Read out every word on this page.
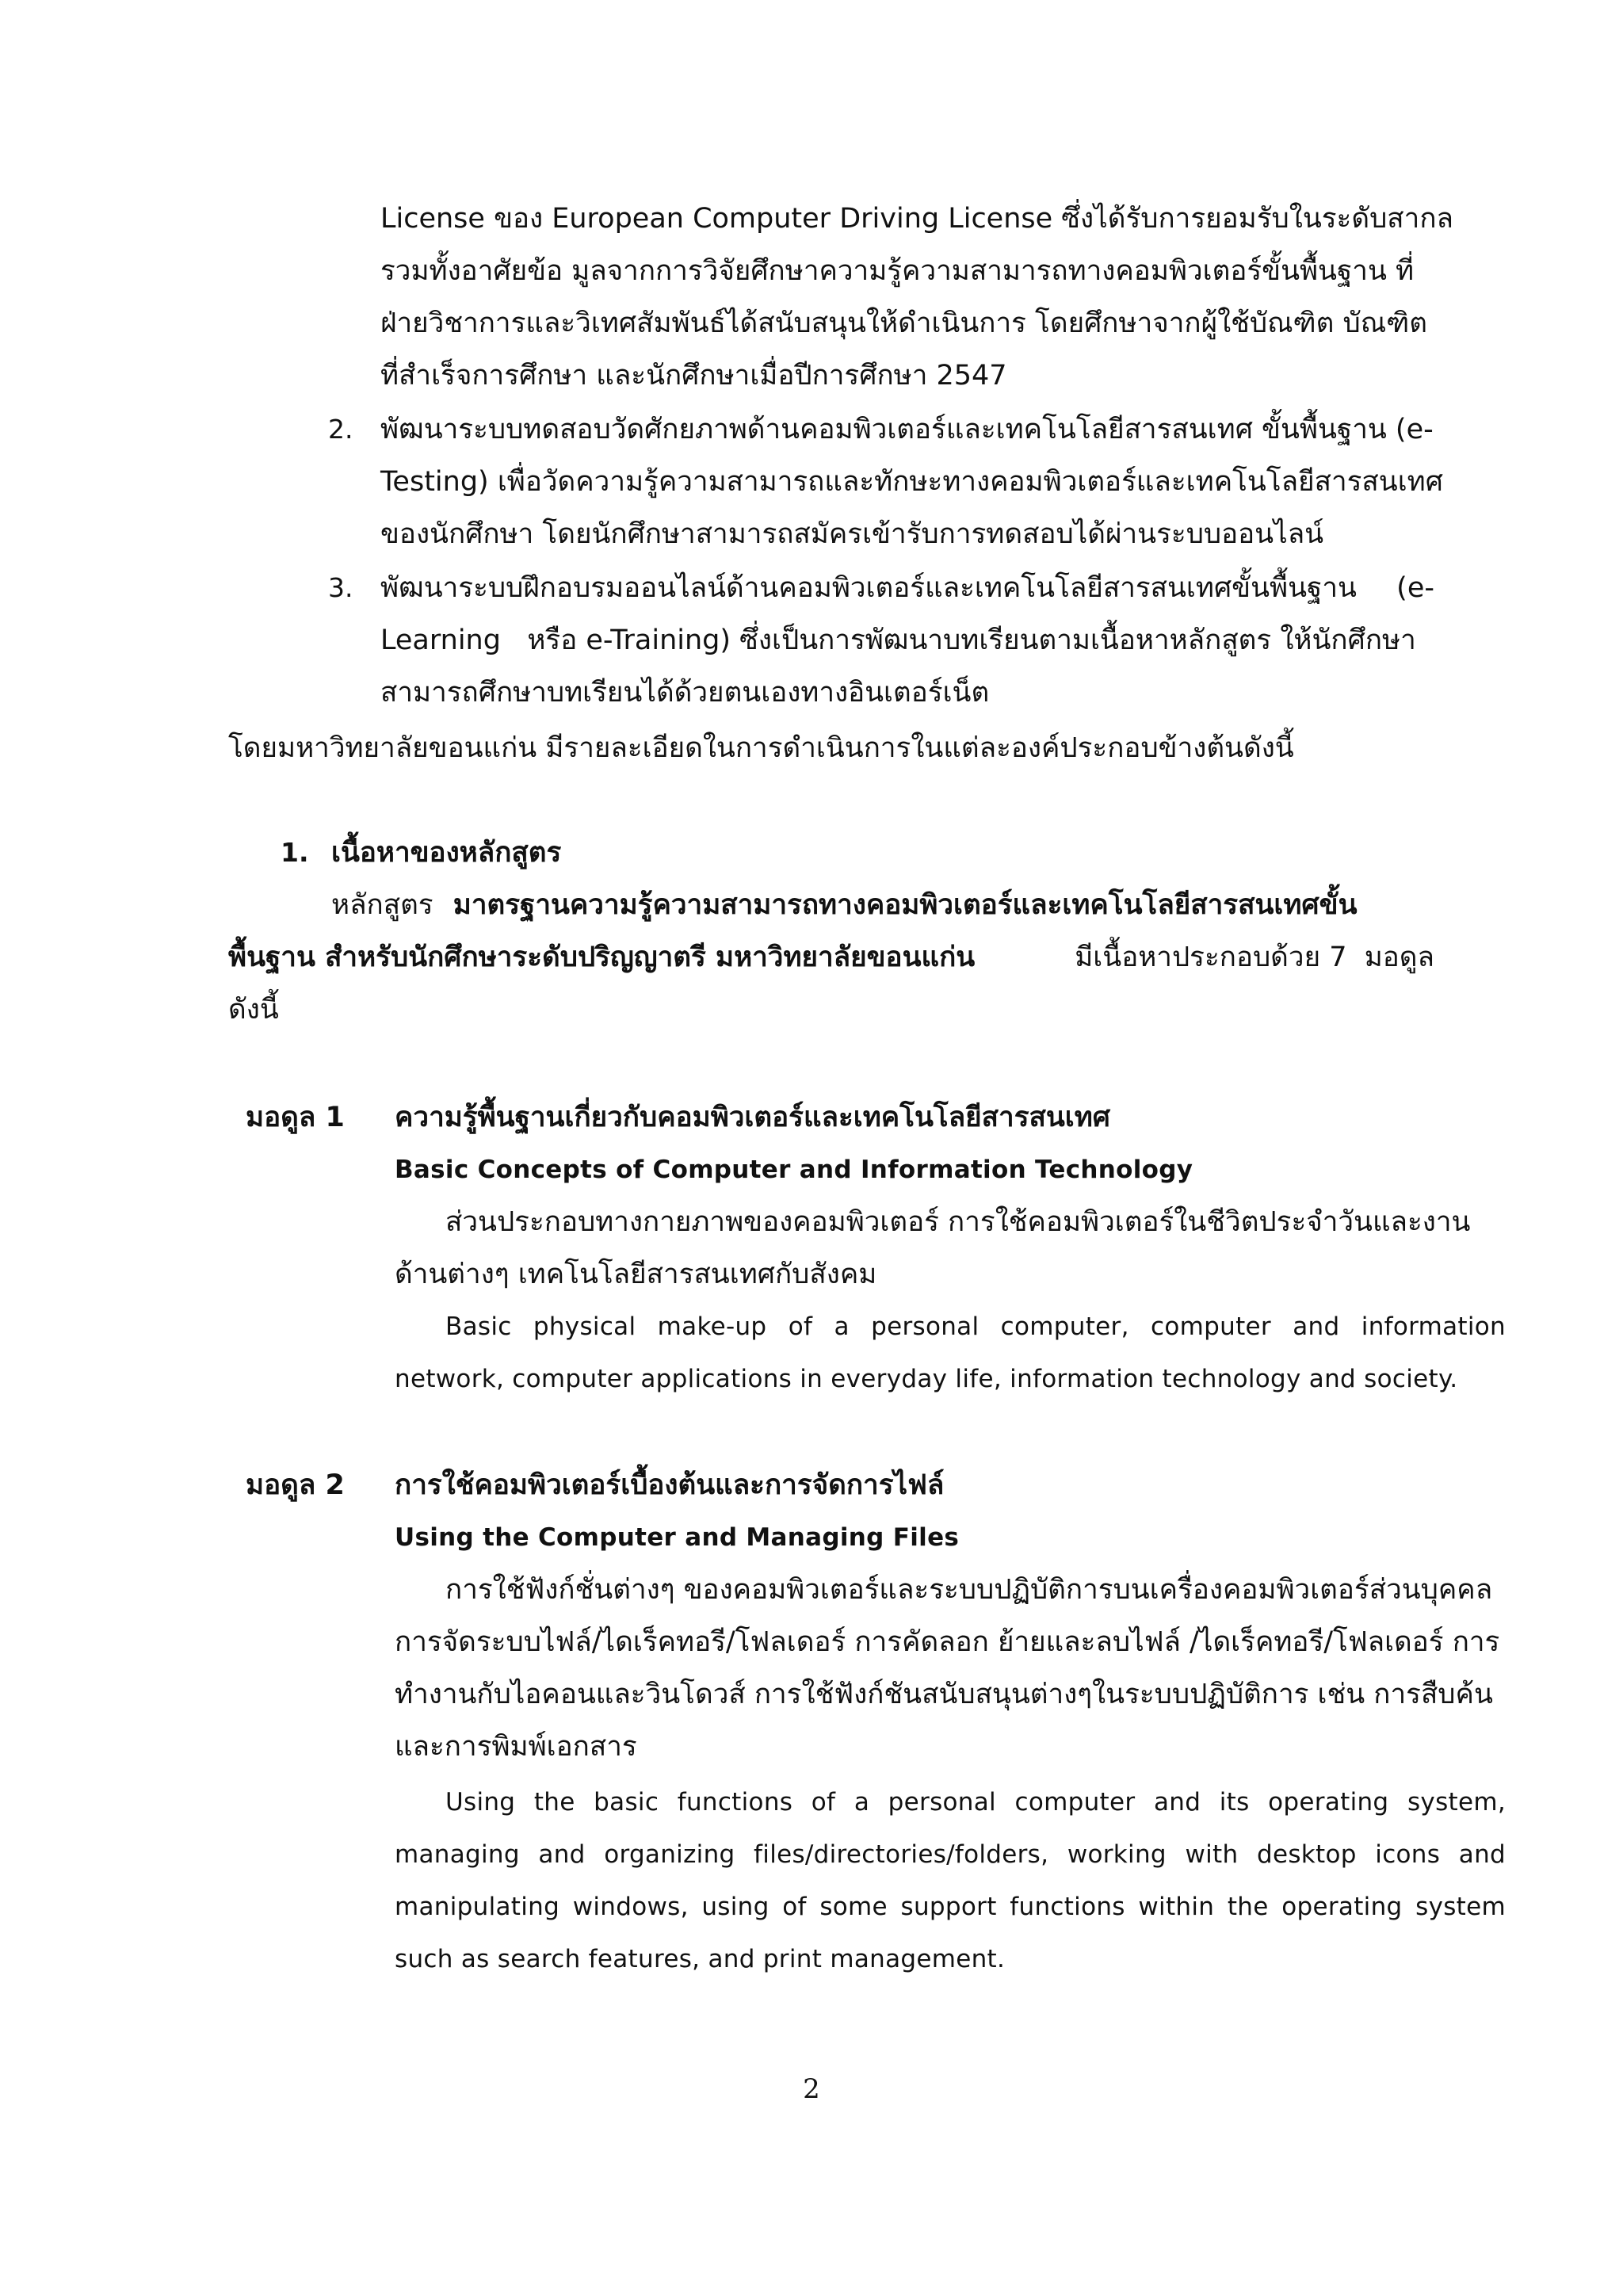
License ของ European Computer Driving License ซึ่งได้รับการยอมรับในระดับสากล
รวมทั้งอาศัยข้อ มูลจากการวิจัยศึกษาความรู้ความสามารถทางคอมพิวเตอร์ขั้นพื้นฐาน ที่
ฝ่ายวิชาการและวิเทศสัมพันธ์ได้สนับสนุนให้ดำเนินการ โดยศึกษาจากผู้ใช้บัณฑิต บัณฑิต
ที่สำเร็จการศึกษา และนักศึกษาเมื่อปีการศึกษา 2547
2. พัฒนาระบบทดสอบวัดศักยภาพด้านคอมพิวเตอร์และเทคโนโลยีสารสนเทศ ขั้นพื้นฐาน (e-
Testing) เพื่อวัดความรู้ความสามารถและทักษะทางคอมพิวเตอร์และเทคโนโลยีสารสนเทศ
ของนักศึกษา โดยนักศึกษาสามารถสมัครเข้ารับการทดสอบได้ผ่านระบบออนไลน์
3. พัฒนาระบบฝึกอบรมออนไลน์ด้านคอมพิวเตอร์และเทคโนโลยีสารสนเทศขั้นพื้นฐาน (e-
Learning   หรือ e-Training) ซึ่งเป็นการพัฒนาบทเรียนตามเนื้อหาหลักสูตร ให้นักศึกษา
สามารถศึกษาบทเรียนได้ด้วยตนเองทางอินเตอร์เน็ต
โดยมหาวิทยาลัยขอนแก่น มีรายละเอียดในการดำเนินการในแต่ละองค์ประกอบข้างต้นดังนี้
1. เนื้อหาของหลักสูตร
หลักสูตร มาตรฐานความรู้ความสามารถทางคอมพิวเตอร์และเทคโนโลยีสารสนเทศขั้น
พื้นฐาน สำหรับนักศึกษาระดับปริญญาตรี มหาวิทยาลัยขอนแก่น	มีเนื้อหาประกอบด้วย 7  มอดูล
ดังนี้
มอดูล 1 ความรู้พื้นฐานเกี่ยวกับคอมพิวเตอร์และเทคโนโลยีสารสนเทศ
Basic Concepts of Computer and Information Technology
ส่วนประกอบทางกายภาพของคอมพิวเตอร์ การใช้คอมพิวเตอร์ในชีวิตประจำวันและงาน
ด้านต่างๆ เทคโนโลยีสารสนเทศกับสังคม
Basic physical make-up of a personal computer, computer and information
network, computer applications in everyday life, information technology and society.
มอดูล 2 การใช้คอมพิวเตอร์เบื้องต้นและการจัดการไฟล์
Using the Computer and Managing Files
การใช้ฟังก์ชั่นต่างๆ ของคอมพิวเตอร์และระบบปฏิบัติการบนเครื่องคอมพิวเตอร์ส่วนบุคคล
การจัดระบบไฟล์/ไดเร็คทอรี/โฟลเดอร์ การคัดลอก ย้ายและลบไฟล์ /ไดเร็คทอรี/โฟลเดอร์ การ
ทำงานกับไอคอนและวินโดวส์ การใช้ฟังก์ชันสนับสนุนต่างๆในระบบปฏิบัติการ เช่น การสืบค้น
และการพิมพ์เอกสาร
Using the basic functions of a personal computer and its operating system,
managing and organizing files/directories/folders, working with desktop icons and
manipulating windows, using of some support functions within the operating system
such as search features, and print management.
2
